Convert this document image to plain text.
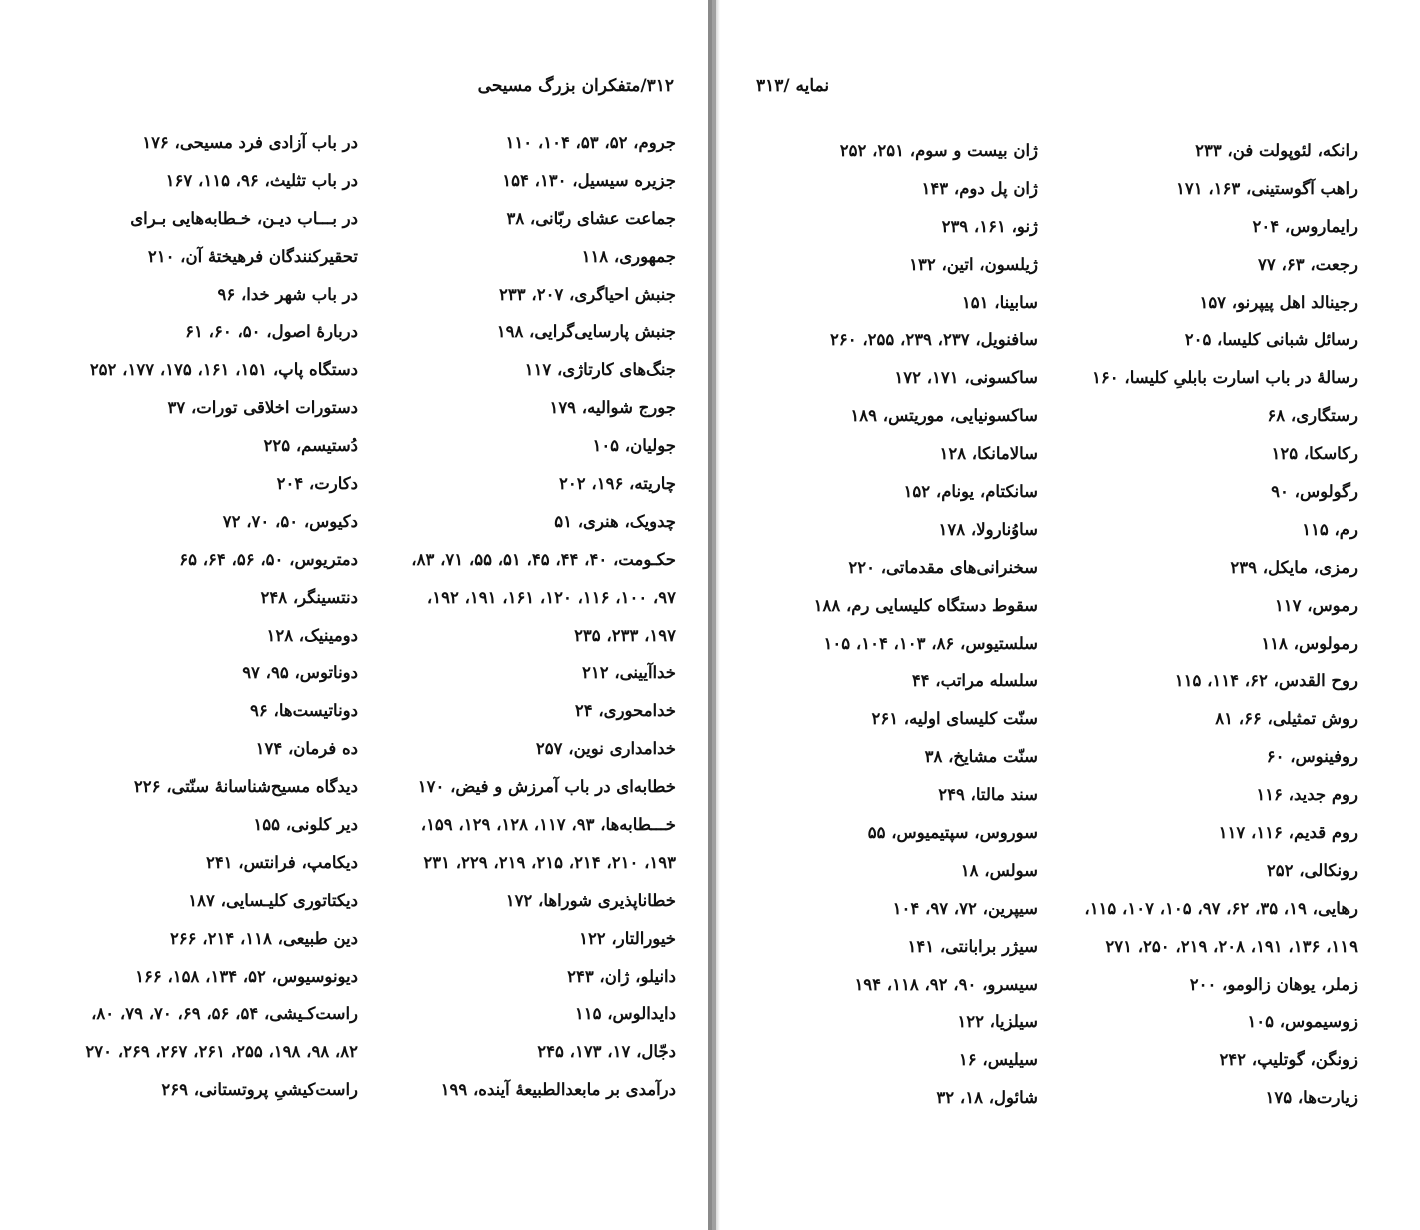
۳۱۲/متفکران بزرگ مسیحی
جروم، ۵۲، ۵۳، ۱۰۴، ۱۱۰
جزیره سیسیل، ۱۳۰، ۱۵۴
جماعت عشای ربّانی، ۳۸
جمهوری، ۱۱۸
جنبش احیاگری، ۲۰۷، ۲۳۳
جنبش پارسایی‌گرایی، ۱۹۸
جنگ‌های کارتاژی، ۱۱۷
جورج شوالیه، ۱۷۹
جولیان، ۱۰۵
چاریته، ۱۹۶، ۲۰۲
چدویک، هنری، ۵۱
حکـومت، ۴۰، ۴۴، ۴۵، ۵۱، ۵۵، ۷۱، ۸۳،
۹۷، ۱۰۰، ۱۱۶، ۱۲۰، ۱۶۱، ۱۹۱، ۱۹۲،
۱۹۷، ۲۳۳، ۲۳۵
خداآیینی، ۲۱۲
خدامحوری، ۲۴
خدامداری نوین، ۲۵۷
خطابه‌ای در باب آمرزش و فیض، ۱۷۰
خـــطابه‌ها، ۹۳، ۱۱۷، ۱۲۸، ۱۲۹، ۱۵۹،
۱۹۳، ۲۱۰، ۲۱۴، ۲۱۵، ۲۱۹، ۲۲۹، ۲۳۱
خطاناپذیری شوراها، ۱۷۲
خیورالتار، ۱۲۲
دانیلو، ژان، ۲۴۳
دایدالوس، ۱۱۵
دجّال، ۱۷، ۱۷۳، ۲۴۵
درآمدی بر مابعدالطبیعهٔ آینده، ۱۹۹
در باب آزادی فرد مسیحی، ۱۷۶
در باب تثلیث، ۹۶، ۱۱۵، ۱۶۷
در بـــاب دیـن، خـطابه‌هایی بـرای
تحقیرکنندگان فرهیختهٔ آن، ۲۱۰
در باب شهر خدا، ۹۶
دربارهٔ اصول، ۵۰، ۶۰، ۶۱
دستگاه پاپ، ۱۵۱، ۱۶۱، ۱۷۵، ۱۷۷، ۲۵۲
دستورات اخلاقی تورات، ۳۷
دُستیسم، ۲۲۵
دکارت، ۲۰۴
دکیوس، ۵۰، ۷۰، ۷۲
دمتریوس، ۵۰، ۵۶، ۶۴، ۶۵
دنتسینگر، ۲۴۸
دومینیک، ۱۲۸
دوناتوس، ۹۵، ۹۷
دوناتیست‌ها، ۹۶
ده فرمان، ۱۷۴
دیدگاه مسیح‌شناسانهٔ سنّتی، ۲۲۶
دیر کلونی، ۱۵۵
دیکامپ، فرانتس، ۲۴۱
دیکتاتوری کلیـسایی، ۱۸۷
دین طبیعی، ۱۱۸، ۲۱۴، ۲۶۶
دیونوسیوس، ۵۲، ۱۳۴، ۱۵۸، ۱۶۶
راست‌کـیشی، ۵۴، ۵۶، ۶۹، ۷۰، ۷۹، ۸۰،
۸۲، ۹۸، ۱۹۸، ۲۵۵، ۲۶۱، ۲۶۷، ۲۶۹، ۲۷۰
راست‌کیشیِ پروتستانی، ۲۶۹
نمایه /۳۱۳
رانکه، لئوپولت فن، ۲۳۳
راهب آگوستینی، ۱۶۳، ۱۷۱
رایماروس، ۲۰۴
رجعت، ۶۳، ۷۷
رجینالد اهل پیپرنو، ۱۵۷
رسائل شبانی کلیسا، ۲۰۵
رسالهٔ در باب اسارت بابلیِ کلیسا، ۱۶۰
رستگاری، ۶۸
رکاسکا، ۱۲۵
رگولوس، ۹۰
رم، ۱۱۵
رمزی، مایکل، ۲۳۹
رموس، ۱۱۷
رمولوس، ۱۱۸
روح القدس، ۶۲، ۱۱۴، ۱۱۵
روش تمثیلی، ۶۶، ۸۱
روفینوس، ۶۰
روم جدید، ۱۱۶
روم قدیم، ۱۱۶، ۱۱۷
رونکالی، ۲۵۲
رهایی، ۱۹، ۳۵، ۶۲، ۹۷، ۱۰۵، ۱۰۷، ۱۱۵،
۱۱۹، ۱۳۶، ۱۹۱، ۲۰۸، ۲۱۹، ۲۵۰، ۲۷۱
زملر، یوهان زالومو، ۲۰۰
زوسیموس، ۱۰۵
زونگن، گوتلیپ، ۲۴۲
زیارت‌ها، ۱۷۵
ژان بیست و سوم، ۲۵۱، ۲۵۲
ژان پل دوم، ۱۴۳
ژنو، ۱۶۱، ۲۳۹
ژیلسون، اتین، ۱۳۲
سابینا، ۱۵۱
سافنویل، ۲۳۷، ۲۳۹، ۲۵۵، ۲۶۰
ساکسونی، ۱۷۱، ۱۷۲
ساکسونیایی، موریتس، ۱۸۹
سالامانکا، ۱۲۸
سانکتام، یونام، ۱۵۲
ساوُنارولا، ۱۷۸
سخنرانی‌های مقدماتی، ۲۲۰
سقوط دستگاه کلیسایی رم، ۱۸۸
سلستیوس، ۸۶، ۱۰۳، ۱۰۴، ۱۰۵
سلسله مراتب، ۴۴
سنّت کلیسای اولیه، ۲۶۱
سنّت مشایخ، ۳۸
سند مالتا، ۲۴۹
سوروس، سپتیمیوس، ۵۵
سولس، ۱۸
سیپرین، ۷۲، ۹۷، ۱۰۴
سیژر برابانتی، ۱۴۱
سیسرو، ۹۰، ۹۲، ۱۱۸، ۱۹۴
سیلزیا، ۱۲۲
سیلیس، ۱۶
شائول، ۱۸، ۳۲
